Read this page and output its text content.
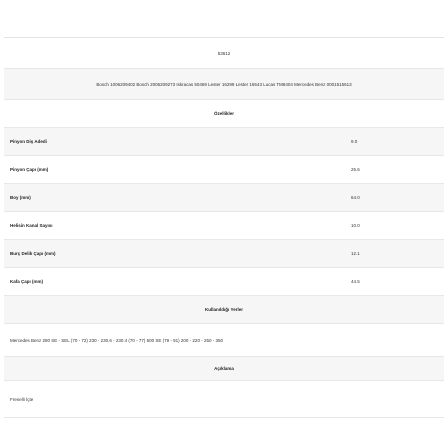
53612
Bosch 1006209402 Bosch 2006209273 Iskracas 50469 Lester 16299 Lester 16543 Lucas TM8404 Mercedes Benz 0001515613
Özellikler
Pinyon Diş Adedi	9.0
Pinyon Çapı (mm)	25.6
Boy (mm)	64.0
Helisin Kanal Sayısı	10.0
Burç Delik Çapı (mm)	12.1
Kafa Çapı (mm)	44.5
Kullanıldığı Yerler
Mercedes Benz 280 SE - SEL (70 - 72) 230 - 230.6 - 230.4 (70 - 77) 500 SE (79 - 91) 200 - 220 - 250 - 350
Açıklama
Frenelli İçte
